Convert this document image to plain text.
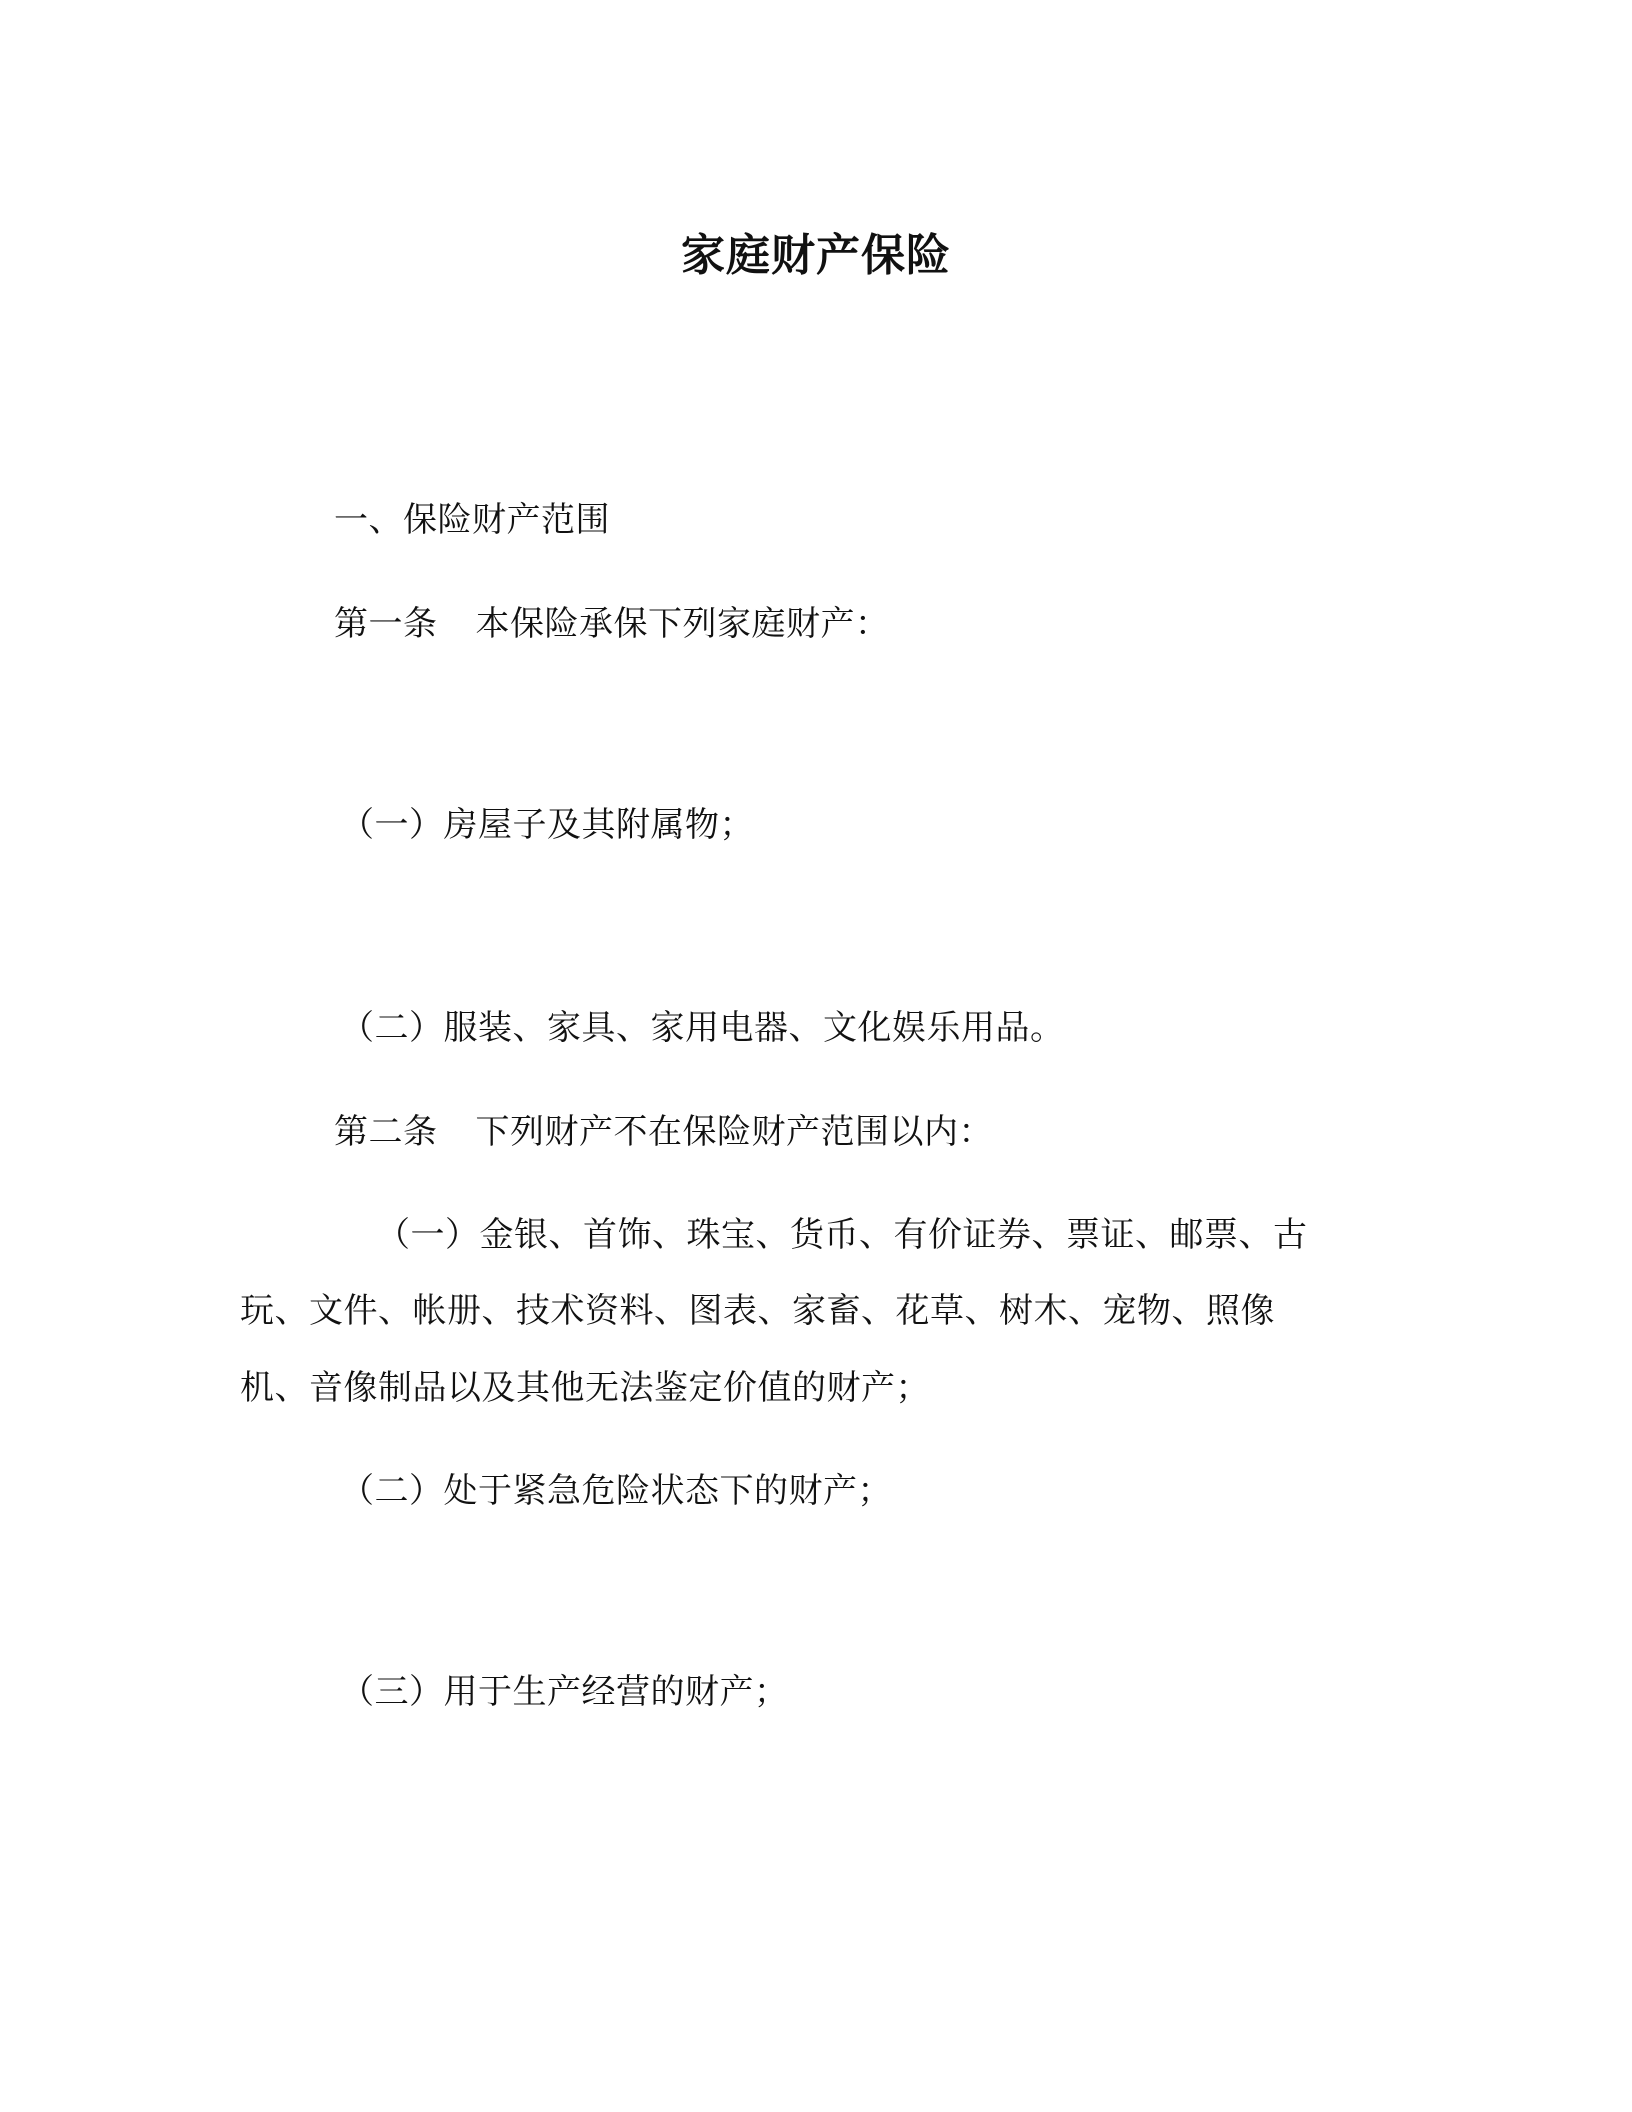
家庭财产保险
一、保险财产范围
第一条 本保险承保下列家庭财产：
（一）房屋子及其附属物；
（二）服装、家具、家用电器、文化娱乐用品。
第二条 下列财产不在保险财产范围以内：
（一）金银、首饰、珠宝、货币、有价证券、票证、邮票、古
玩、文件、帐册、技术资料、图表、家畜、花草、树木、宠物、照像
机、音像制品以及其他无法鉴定价值的财产；
（二）处于紧急危险状态下的财产；
（三）用于生产经营的财产；
